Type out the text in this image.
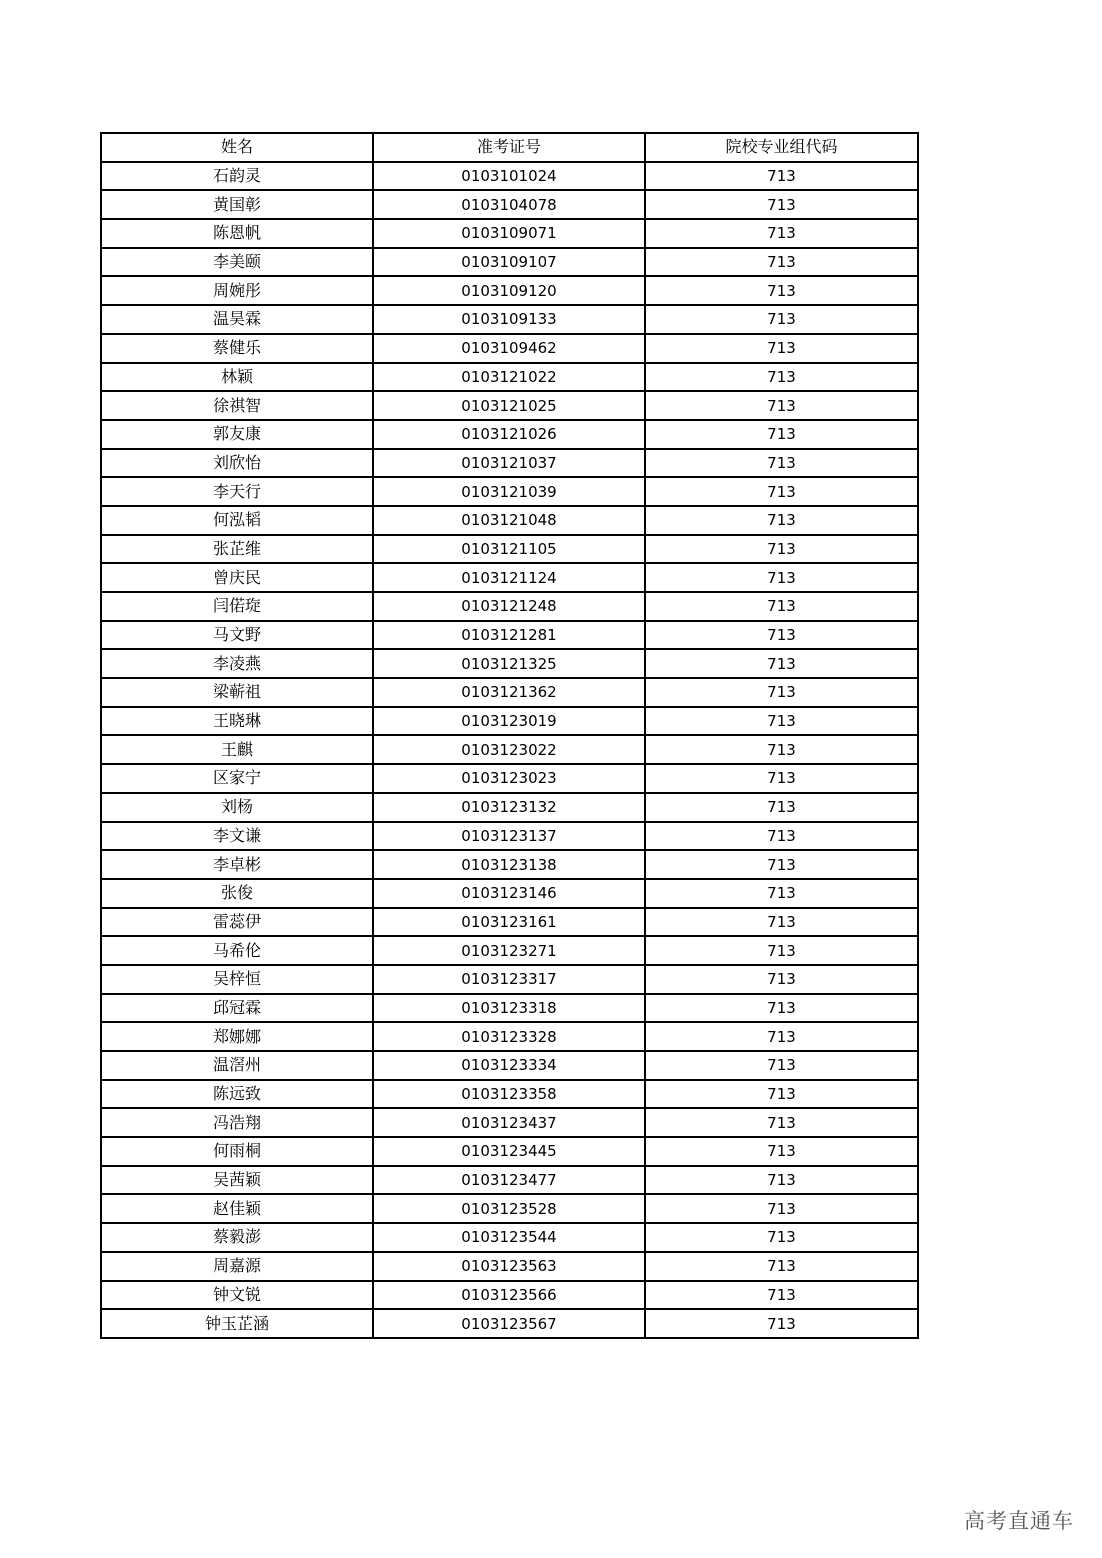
姓名	准考证号	院校专业组代码
石韵灵	0103101024	713
黄国彰	0103104078	713
陈恩帆	0103109071	713
李美颐	0103109107	713
周婉彤	0103109120	713
温昊霖	0103109133	713
蔡健乐	0103109462	713
林颖	0103121022	713
徐祺智	0103121025	713
郭友康	0103121026	713
刘欣怡	0103121037	713
李天行	0103121039	713
何泓韬	0103121048	713
张芷维	0103121105	713
曾庆民	0103121124	713
闫偌琁	0103121248	713
马文野	0103121281	713
李凌燕	0103121325	713
梁蕲祖	0103121362	713
王晓琳	0103123019	713
王麒	0103123022	713
区家宁	0103123023	713
刘杨	0103123132	713
李文谦	0103123137	713
李卓彬	0103123138	713
张俊	0103123146	713
雷蕊伊	0103123161	713
马希伦	0103123271	713
吴梓恒	0103123317	713
邱冠霖	0103123318	713
郑娜娜	0103123328	713
温滘州	0103123334	713
陈远致	0103123358	713
冯浩翔	0103123437	713
何雨桐	0103123445	713
吴茜颖	0103123477	713
赵佳颖	0103123528	713
蔡毅澎	0103123544	713
周嘉源	0103123563	713
钟文锐	0103123566	713
钟玉芷涵	0103123567	713
高考直通车
